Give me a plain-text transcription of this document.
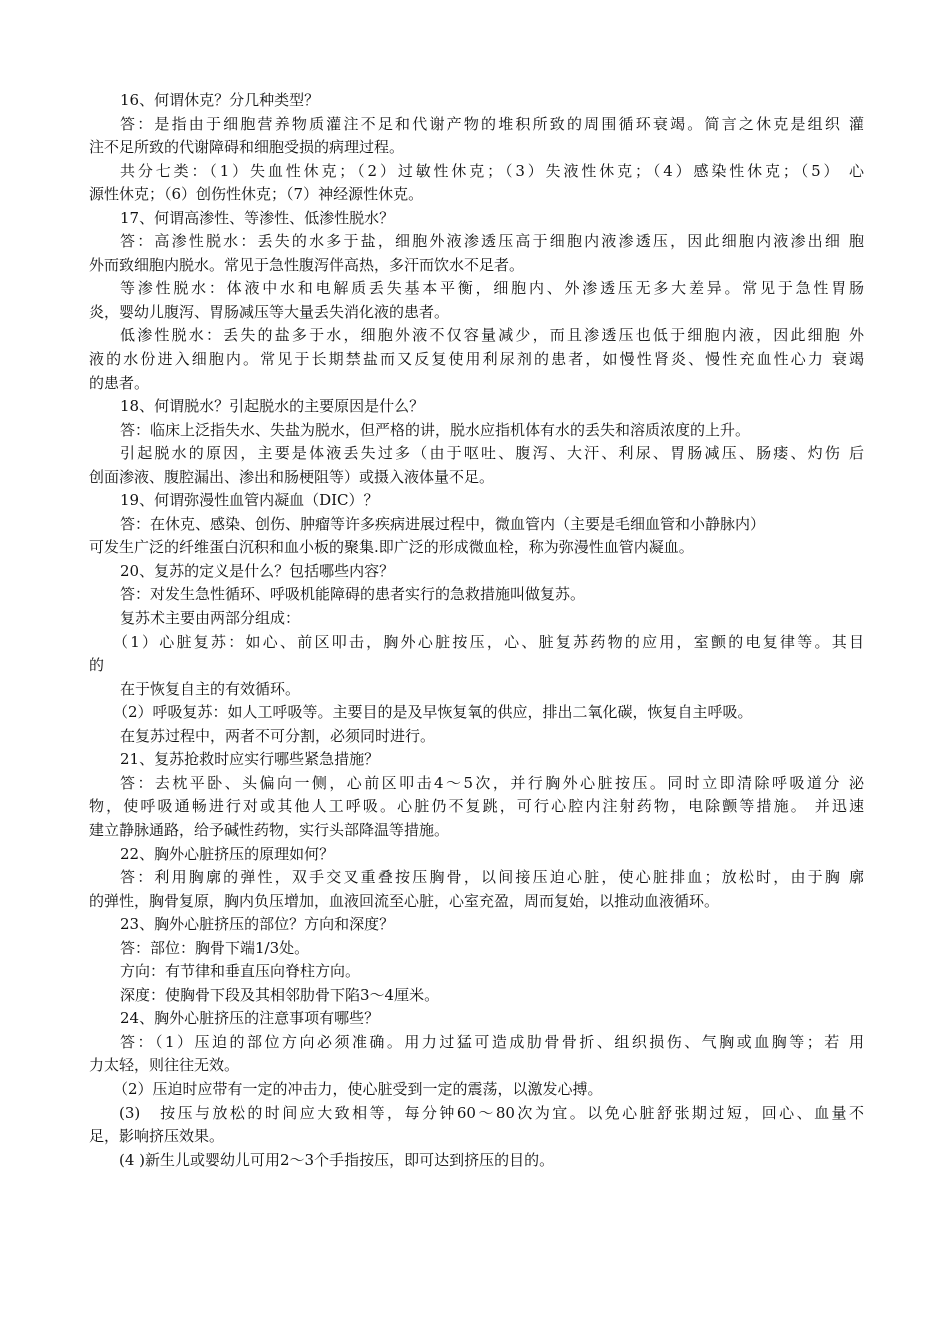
16、何谓休克？分几种类型？
答：是指由于细胞营养物质灌注不足和代谢产物的堆积所致的周围循环衰竭。简言之休克是组织 灌
注不足所致的代谢障碍和细胞受损的病理过程。
共分七类：（1）失血性休克；（2）过敏性休克；（3）失液性休克；（4）感染性休克；（5） 心
源性休克；（6）创伤性休克；（7）神经源性休克。
17、何谓高渗性、等渗性、低渗性脱水？
答：高渗性脱水：丢失的水多于盐，细胞外液渗透压高于细胞内液渗透压，因此细胞内液渗出细 胞
外而致细胞内脱水。常见于急性腹泻伴高热，多汗而饮水不足者。
等渗性脱水：体液中水和电解质丢失基本平衡，细胞内、外渗透压无多大差异。常见于急性胃肠
炎，婴幼儿腹泻、胃肠减压等大量丢失消化液的患者。
低渗性脱水：丢失的盐多于水，细胞外液不仅容量减少，而且渗透压也低于细胞内液，因此细胞 外
液的水份进入细胞内。常见于长期禁盐而又反复使用利尿剂的患者，如慢性肾炎、慢性充血性心力 衰竭
的患者。
18、何谓脱水？引起脱水的主要原因是什么？
答：临床上泛指失水、失盐为脱水，但严格的讲，脱水应指机体有水的丢失和溶质浓度的上升。
引起脱水的原因，主要是体液丢失过多（由于呕吐、腹泻、大汗、利尿、胃肠减压、肠瘘、灼伤 后
创面渗液、腹腔漏出、渗出和肠梗阻等）或摄入液体量不足。
19、何谓弥漫性血管内凝血（DIC）？
答：在休克、感染、创伤、肿瘤等许多疾病进展过程中，微血管内（主要是毛细血管和小静脉内）
可发生广泛的纤维蛋白沉积和血小板的聚集.即广泛的形成微血栓，称为弥漫性血管内凝血。
20、复苏的定义是什么？包括哪些内容？
答：对发生急性循环、呼吸机能障碍的患者实行的急救措施叫做复苏。
复苏术主要由两部分组成：
（1）心脏复苏：如心、前区叩击，胸外心脏按压，心、脏复苏药物的应用，室颤的电复律等。其目
的
在于恢复自主的有效循环。
（2）呼吸复苏：如人工呼吸等。主要目的是及早恢复氧的供应，排出二氧化碳，恢复自主呼吸。
在复苏过程中，两者不可分割，必须同时进行。
21、复苏抢救时应实行哪些紧急措施？
答：去枕平卧、头偏向一侧，心前区叩击4～5次，并行胸外心脏按压。同时立即清除呼吸道分 泌
物，使呼吸通畅进行对或其他人工呼吸。心脏仍不复跳，可行心腔内注射药物，电除颤等措施。 并迅速
建立静脉通路，给予碱性药物，实行头部降温等措施。
22、胸外心脏挤压的原理如何？
答：利用胸廓的弹性，双手交叉重叠按压胸骨，以间接压迫心脏，使心脏排血；放松时，由于胸 廓
的弹性，胸骨复原，胸内负压增加，血液回流至心脏，心室充盈，周而复始，以推动血液循环。
23、胸外心脏挤压的部位？方向和深度？
答：部位：胸骨下端1/3处。
方向：有节律和垂直压向脊柱方向。
深度：使胸骨下段及其相邻肋骨下陷3～4厘米。
24、胸外心脏挤压的注意事项有哪些？
答：（1）压迫的部位方向必须准确。用力过猛可造成肋骨骨折、组织损伤、气胸或血胸等；若 用
力太轻，则往往无效。
（2）压迫时应带有一定的冲击力，使心脏受到一定的震荡，以激发心搏。
(3)　按压与放松的时间应大致相等，每分钟60～80次为宜。以免心脏舒张期过短，回心、血量不
足，影响挤压效果。
(4 )新生儿或婴幼儿可用2～3个手指按压，即可达到挤压的目的。
